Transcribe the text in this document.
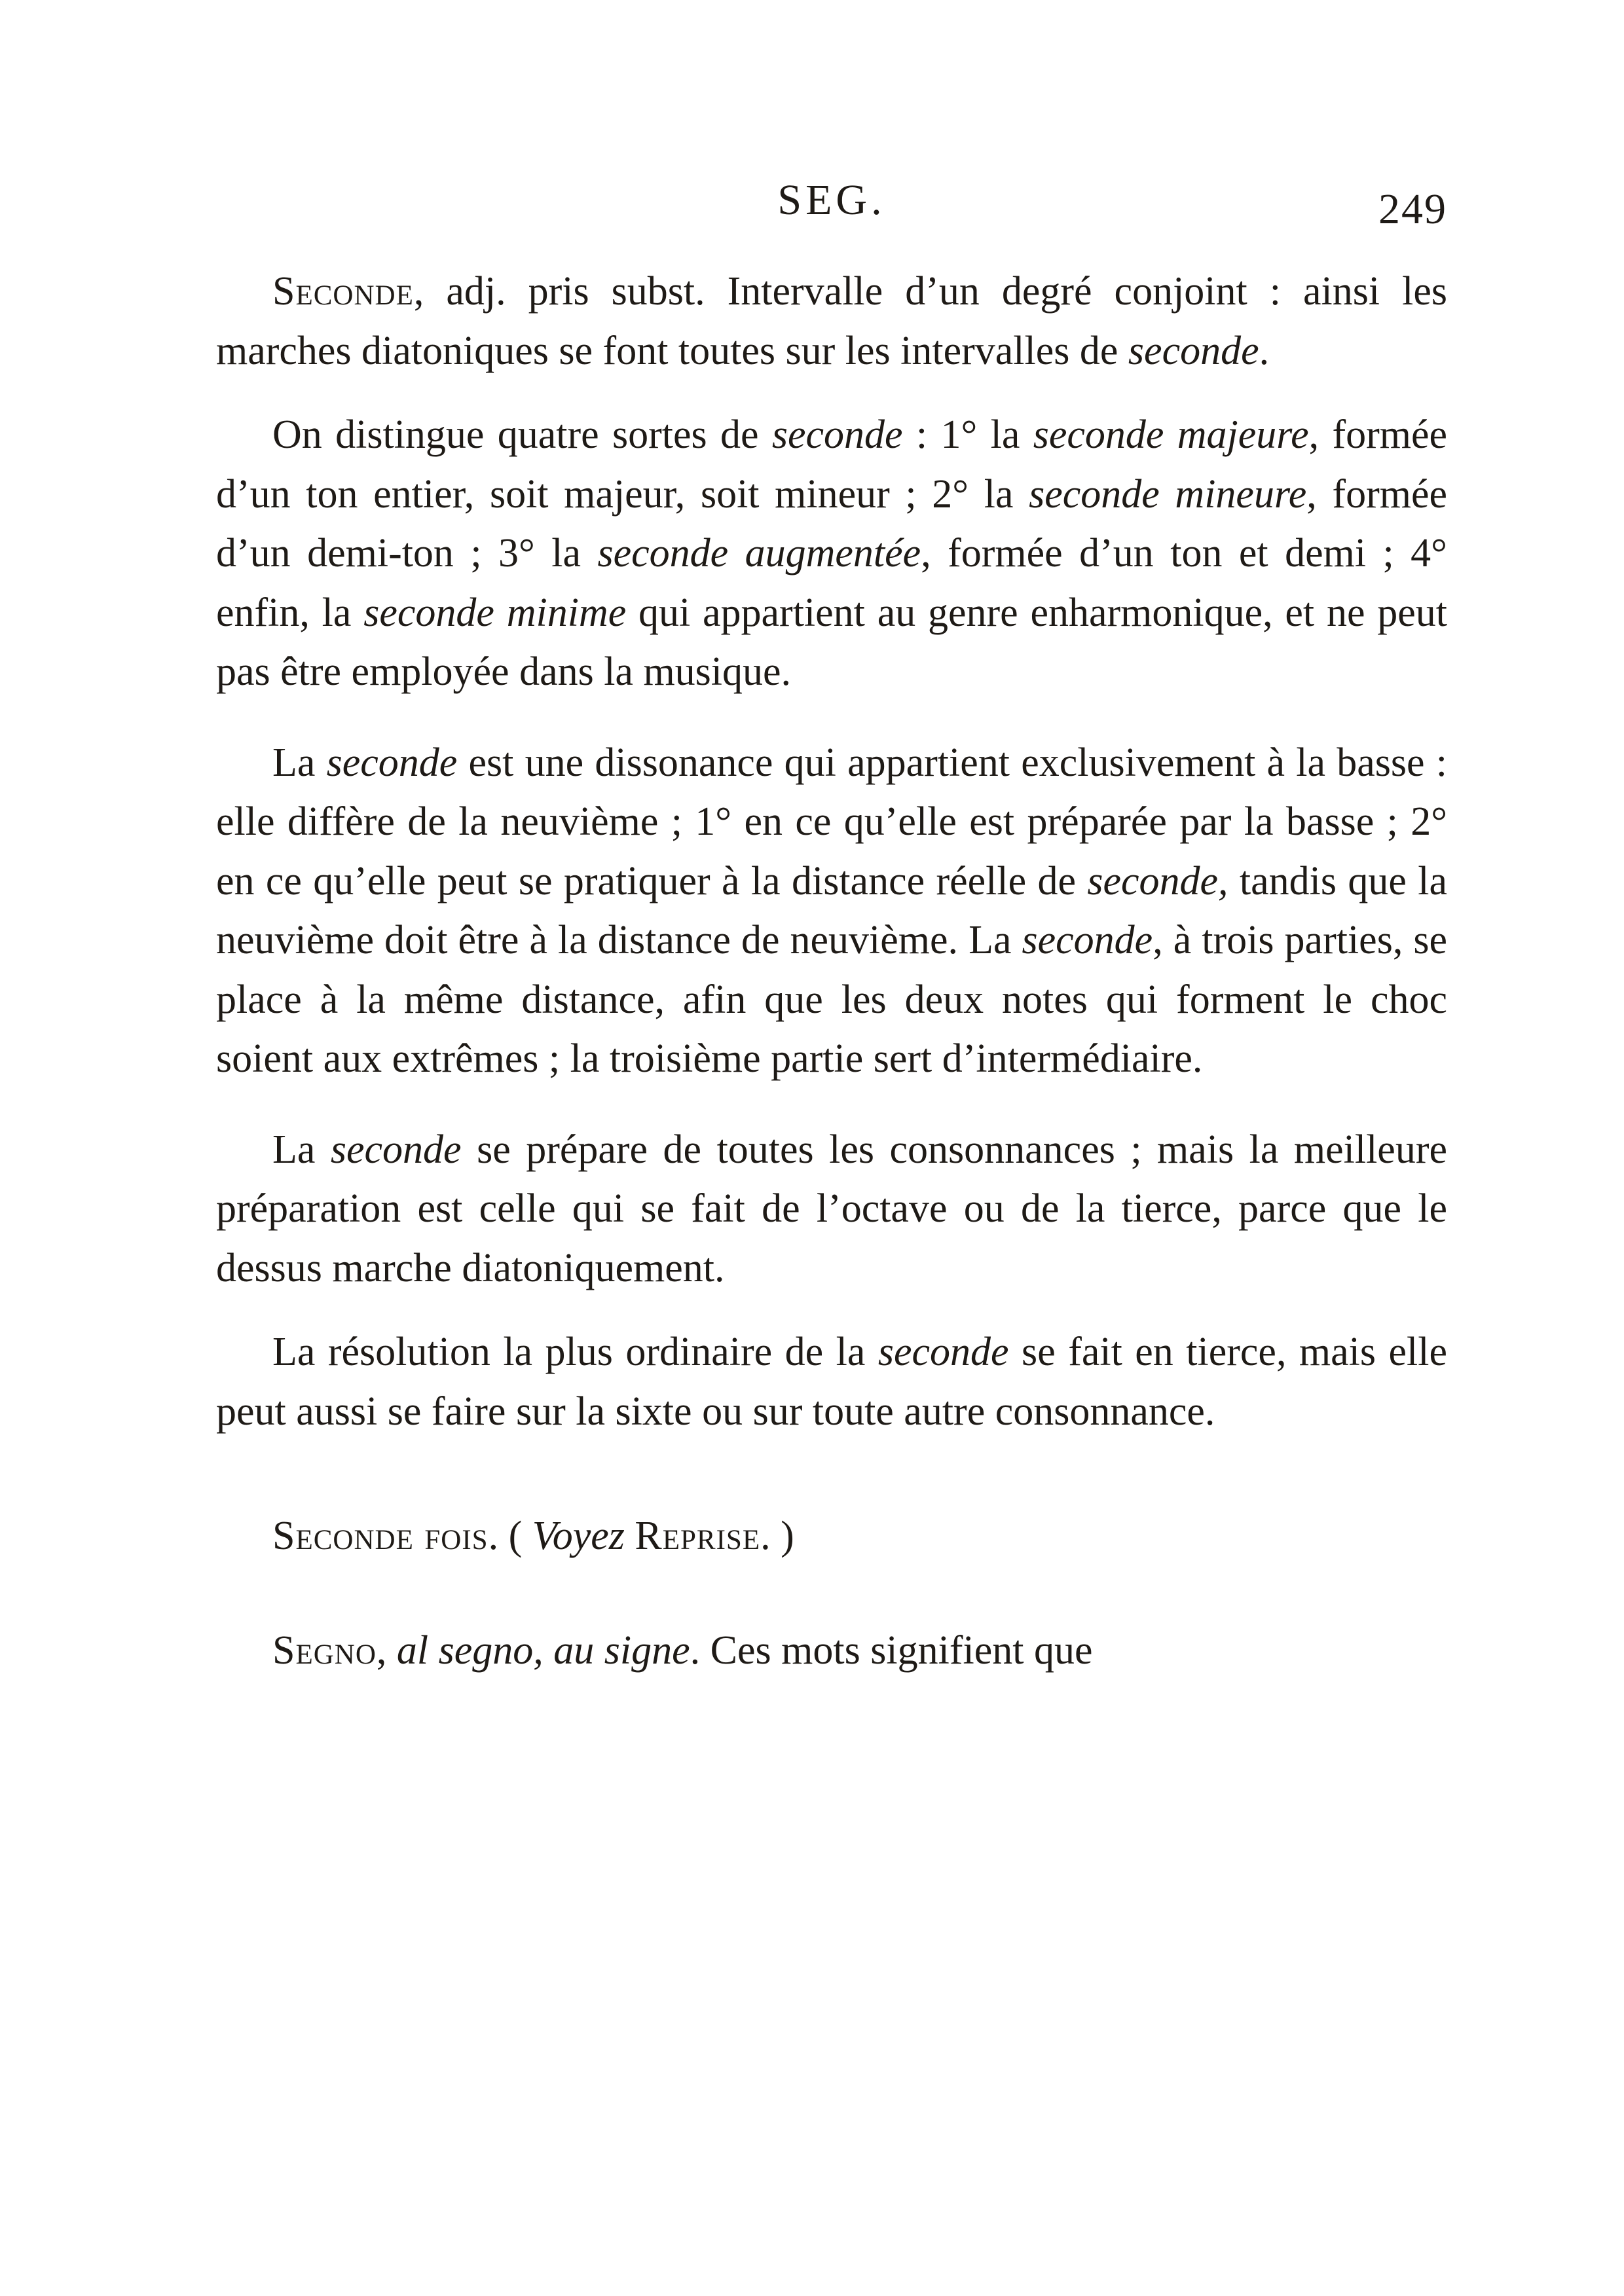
SEG.	249

Seconde, adj. pris subst. Intervalle d’un degré conjoint : ainsi les marches diatoniques se font toutes sur les intervalles de seconde.

On distingue quatre sortes de seconde : 1° la seconde majeure, formée d’un ton entier, soit majeur, soit mineur ; 2° la seconde mineure, formée d’un demi-ton ; 3° la seconde augmentée, formée d’un ton et demi ; 4° enfin, la seconde minime qui appartient au genre enharmonique, et ne peut pas être employée dans la musique.

La seconde est une dissonance qui appartient exclusivement à la basse : elle diffère de la neuvième ; 1° en ce qu’elle est préparée par la basse ; 2° en ce qu’elle peut se pratiquer à la distance réelle de seconde, tandis que la neuvième doit être à la distance de neuvième. La seconde, à trois parties, se place à la même distance, afin que les deux notes qui forment le choc soient aux extrêmes ; la troisième partie sert d’intermédiaire.

La seconde se prépare de toutes les consonnances ; mais la meilleure préparation est celle qui se fait de l’octave ou de la tierce, parce que le dessus marche diatoniquement.

La résolution la plus ordinaire de la seconde se fait en tierce, mais elle peut aussi se faire sur la sixte ou sur toute autre consonnance.

Seconde fois. ( Voyez Reprise. )

Segno, al segno, au signe. Ces mots signifient que
